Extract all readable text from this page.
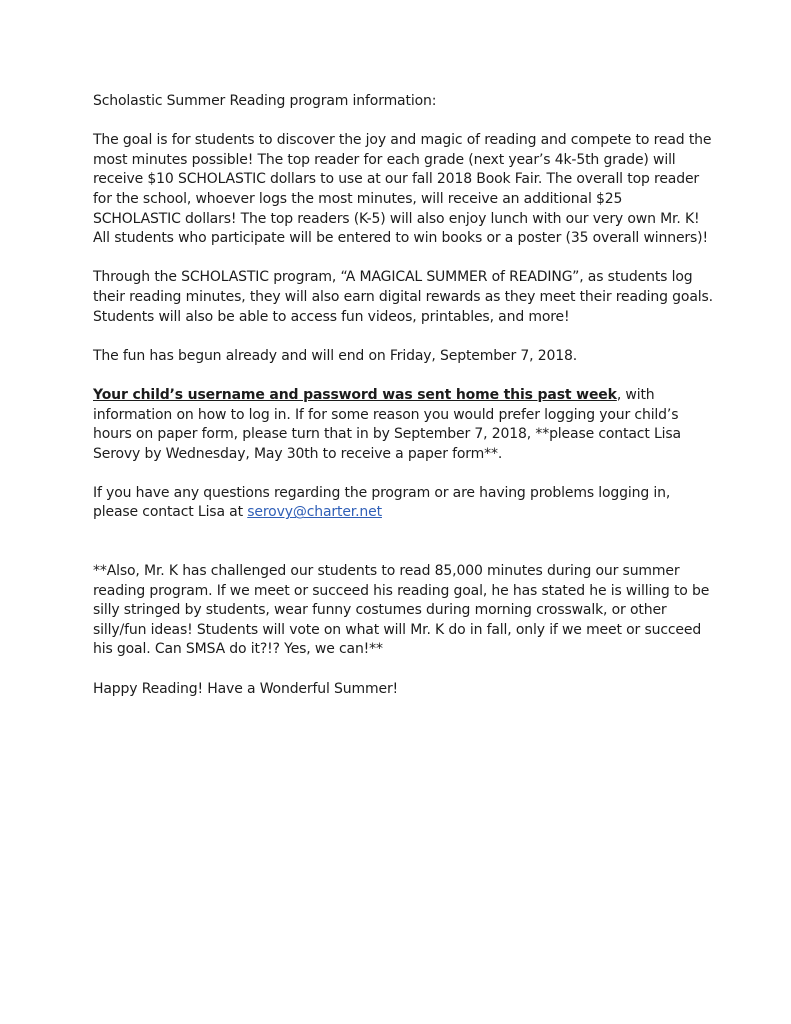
Scholastic Summer Reading program information:

The goal is for students to discover the joy and magic of reading and compete to read the most minutes possible! The top reader for each grade (next year’s 4k-5th grade) will receive $10 SCHOLASTIC dollars to use at our fall 2018 Book Fair. The overall top reader for the school, whoever logs the most minutes, will receive an additional $25 SCHOLASTIC dollars! The top readers (K-5) will also enjoy lunch with our very own Mr. K! All students who participate will be entered to win books or a poster (35 overall winners)!

Through the SCHOLASTIC program, “A MAGICAL SUMMER of READING”, as students log their reading minutes, they will also earn digital rewards as they meet their reading goals. Students will also be able to access fun videos, printables, and more!

The fun has begun already and will end on Friday, September 7, 2018.

Your child’s username and password was sent home this past week, with information on how to log in. If for some reason you would prefer logging your child’s hours on paper form, please turn that in by September 7, 2018, **please contact Lisa Serovy by Wednesday, May 30th to receive a paper form**.

If you have any questions regarding the program or are having problems logging in, please contact Lisa at serovy@charter.net

**Also, Mr. K has challenged our students to read 85,000 minutes during our summer reading program. If we meet or succeed his reading goal, he has stated he is willing to be silly stringed by students, wear funny costumes during morning crosswalk, or other silly/fun ideas! Students will vote on what will Mr. K do in fall, only if we meet or succeed his goal. Can SMSA do it?!? Yes, we can!**

Happy Reading! Have a Wonderful Summer!
